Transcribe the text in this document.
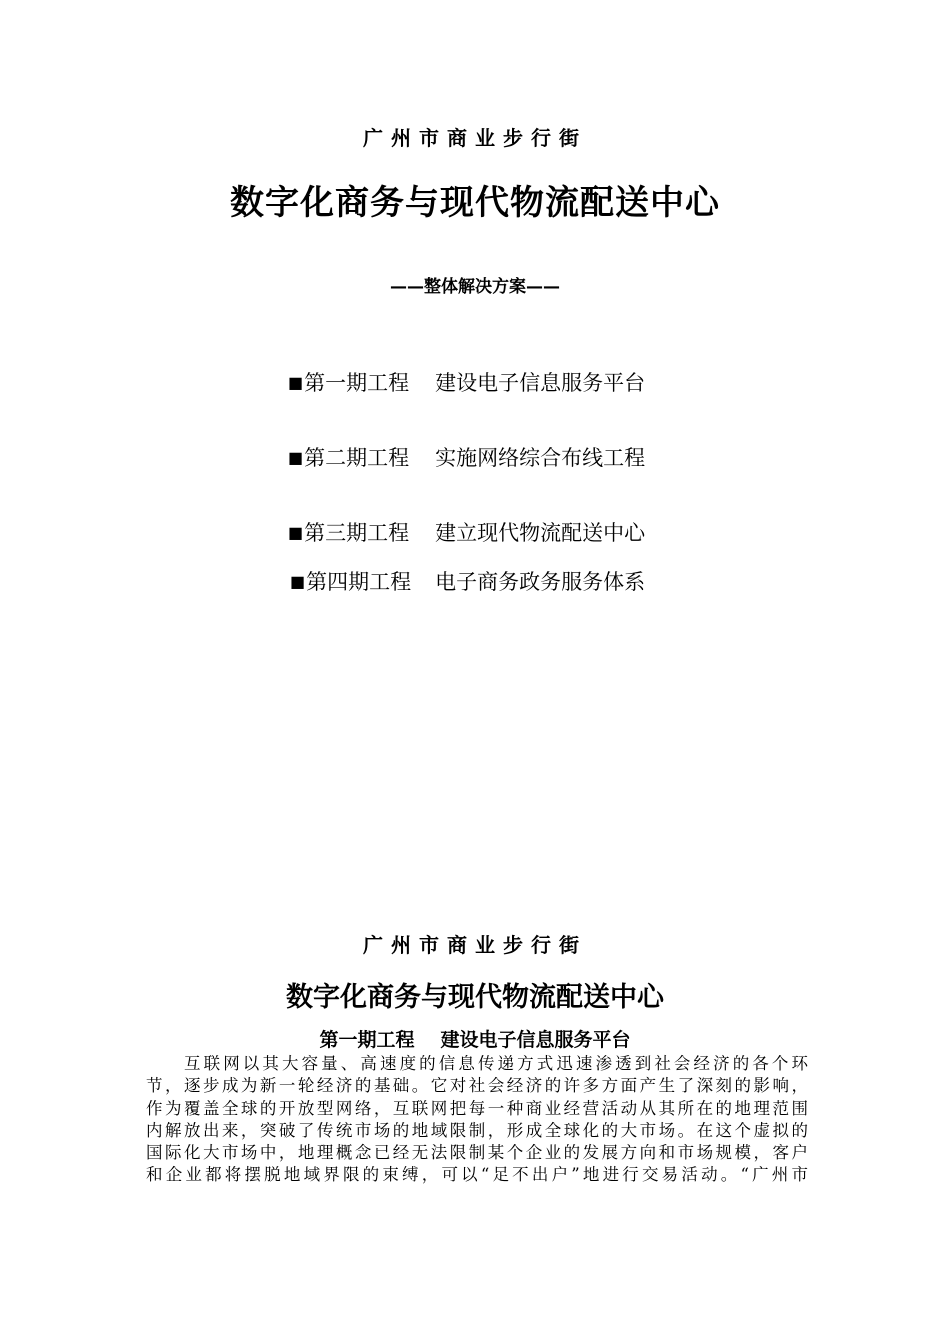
广州市商业步行街
数字化商务与现代物流配送中心
——整体解决方案——
■第一期工程 建设电子信息服务平台
■第二期工程 实施网络综合布线工程
■第三期工程 建立现代物流配送中心
■第四期工程 电子商务政务服务体系
广州市商业步行街
数字化商务与现代物流配送中心
第一期工程 建设电子信息服务平台
互联网以其大容量、高速度的信息传递方式迅速渗透到社会经济的各个环
节，逐步成为新一轮经济的基础。它对社会经济的许多方面产生了深刻的影响，
作为覆盖全球的开放型网络，互联网把每一种商业经营活动从其所在的地理范围
内解放出来，突破了传统市场的地域限制，形成全球化的大市场。在这个虚拟的
国际化大市场中，地理概念已经无法限制某个企业的发展方向和市场规模，客户
和企业都将摆脱地域界限的束缚，可以“足不出户”地进行交易活动。“广州市
